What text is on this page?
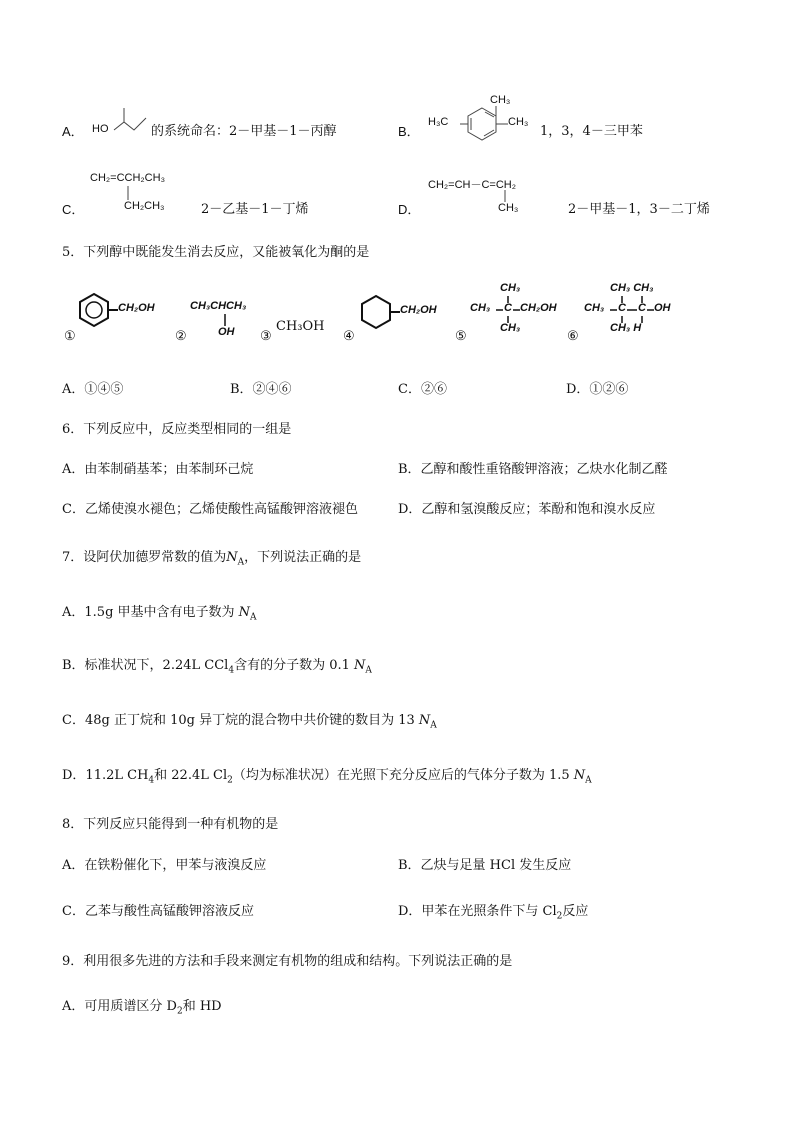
A． HO	的系统命名：2－甲基－1－丙醇	B．
CH₃
H₃C	CH₃
1，3，4－三甲苯
C．
CH₂=CCH₂CH₃
CH₂CH₃	2－乙基－1－丁烯	D．
CH₂=CH－C=CH₂
CH₃	2－甲基－1，3－二丁烯
5．下列醇中既能发生消去反应，又能被氧化为酮的是
CH₂OH
①	②
CH₃CHCH₃
OH ③
CH₃OH
④
CH₂OH
⑤
CH₃
CH₃ C CH₂OH
CH₃
⑥
CH₃ CH₃
CH₃ C C OH
CH₃ H
A．①④⑤	B．②④⑥	C．②⑥	D．①②⑥
6．下列反应中，反应类型相同的一组是
A．由苯制硝基苯；由苯制环己烷	B．乙醇和酸性重铬酸钾溶液；乙炔水化制乙醛
C．乙烯使溴水褪色；乙烯使酸性高锰酸钾溶液褪色	D．乙醇和氢溴酸反应；苯酚和饱和溴水反应
7．设阿伏加德罗常数的值为$N_A$，下列说法正确的是
A．1.5g 甲基中含有电子数为 $N_A$
B．标准状况下，2.24L CCl$_4$含有的分子数为 0.1 $N_A$
C．48g 正丁烷和 10g 异丁烷的混合物中共价键的数目为 13 $N_A$
D．11.2L $CH_4$和 22.4L $Cl_2$（均为标准状况）在光照下充分反应后的气体分子数为 1.5 $N_A$
8．下列反应只能得到一种有机物的是
A．在铁粉催化下，甲苯与液溴反应	B．乙炔与足量 HCl 发生反应
C．乙苯与酸性高锰酸钾溶液反应	D．甲苯在光照条件下与 $Cl_2$反应
9．利用很多先进的方法和手段来测定有机物的组成和结构。下列说法正确的是
A．可用质谱区分 $D_2$和 HD
